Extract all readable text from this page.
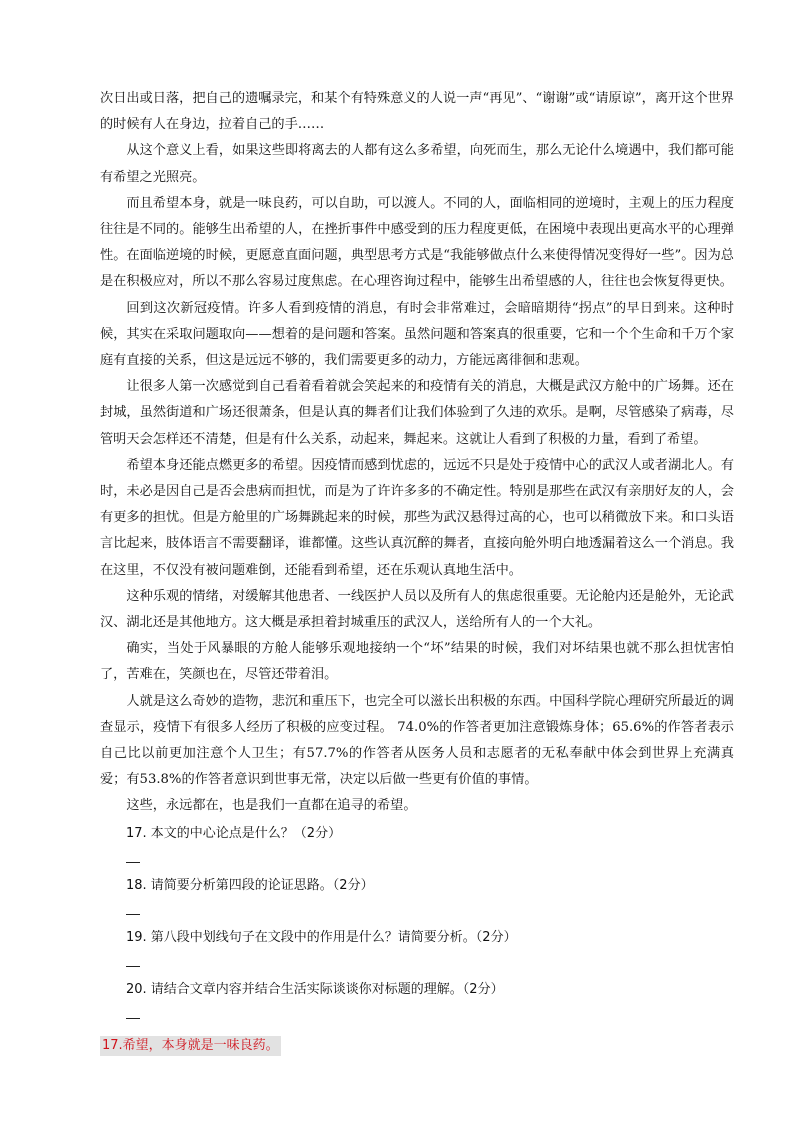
次日出或日落，把自己的遗嘱录完，和某个有特殊意义的人说一声“再见”、“谢谢”或“请原谅”，离开这个世界的时候有人在身边，拉着自己的手……

从这个意义上看，如果这些即将离去的人都有这么多希望，向死而生，那么无论什么境遇中，我们都可能有希望之光照亮。

而且希望本身，就是一味良药，可以自助，可以渡人。不同的人，面临相同的逆境时，主观上的压力程度往往是不同的。能够生出希望的人，在挫折事件中感受到的压力程度更低，在困境中表现出更高水平的心理弹性。在面临逆境的时候，更愿意直面问题，典型思考方式是“我能够做点什么来使得情况变得好一些”。因为总是在积极应对，所以不那么容易过度焦虑。在心理咨询过程中，能够生出希望感的人，往往也会恢复得更快。

回到这次新冠疫情。许多人看到疫情的消息，有时会非常难过，会暗暗期待“拐点”的早日到来。这种时候，其实在采取问题取向——想着的是问题和答案。虽然问题和答案真的很重要，它和一个个生命和千万个家庭有直接的关系，但这是远远不够的，我们需要更多的动力，方能远离徘徊和悲观。

让很多人第一次感觉到自己看着看着就会笑起来的和疫情有关的消息，大概是武汉方舱中的广场舞。还在封城，虽然街道和广场还很萧条，但是认真的舞者们让我们体验到了久违的欢乐。是啊，尽管感染了病毒，尽管明天会怎样还不清楚，但是有什么关系，动起来，舞起来。这就让人看到了积极的力量，看到了希望。

希望本身还能点燃更多的希望。因疫情而感到忧虑的，远远不只是处于疫情中心的武汉人或者湖北人。有时，未必是因自己是否会患病而担忧，而是为了许许多多的不确定性。特别是那些在武汉有亲朋好友的人，会有更多的担忧。但是方舱里的广场舞跳起来的时候，那些为武汉悬得过高的心，也可以稍微放下来。和口头语言比起来，肢体语言不需要翻译，谁都懂。这些认真沉醉的舞者，直接向舱外明白地透漏着这么一个消息。我在这里，不仅没有被问题难倒，还能看到希望，还在乐观认真地生活中。

这种乐观的情绪，对缓解其他患者、一线医护人员以及所有人的焦虑很重要。无论舱内还是舱外，无论武汉、湖北还是其他地方。这大概是承担着封城重压的武汉人，送给所有人的一个大礼。

确实，当处于风暴眼的方舱人能够乐观地接纳一个“坏”结果的时候，我们对坏结果也就不那么担忧害怕了，苦难在，笑颜也在，尽管还带着泪。

人就是这么奇妙的造物，悲沉和重压下，也完全可以滋长出积极的东西。中国科学院心理研究所最近的调查显示，疫情下有很多人经历了积极的应变过程。 74.0%的作答者更加注意锻炼身体；65.6%的作答者表示自己比以前更加注意个人卫生；有57.7%的作答者从医务人员和志愿者的无私奉献中体会到世界上充满真爱；有53.8%的作答者意识到世事无常，决定以后做一些更有价值的事情。

这些，永远都在，也是我们一直都在追寻的希望。

17. 本文的中心论点是什么？（2分）
18. 请简要分析第四段的论证思路。（2分）
19. 第八段中划线句子在文段中的作用是什么？请简要分析。（2分）
20. 请结合文章内容并结合生活实际谈谈你对标题的理解。（2分）
17.希望，本身就是一味良药。
